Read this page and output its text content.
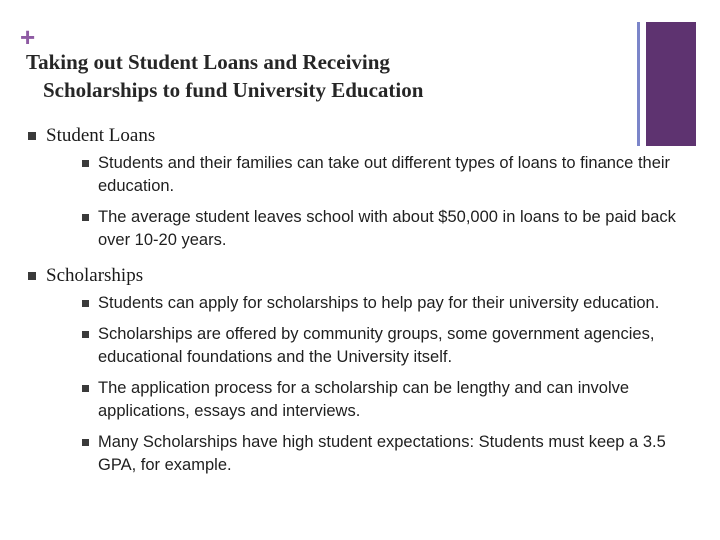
+
Taking out Student Loans and Receiving
Scholarships to fund University Education
Student Loans
Students and their families can take out different types of loans to finance their education.
The average student leaves school with about $50,000 in loans to be paid back over 10-20 years.
Scholarships
Students can apply for scholarships to help pay for their university education.
Scholarships are offered by community groups, some government agencies, educational foundations and the University itself.
The application process for a scholarship can be lengthy and can involve applications, essays and interviews.
Many Scholarships have high student expectations: Students must keep a 3.5 GPA, for example.
